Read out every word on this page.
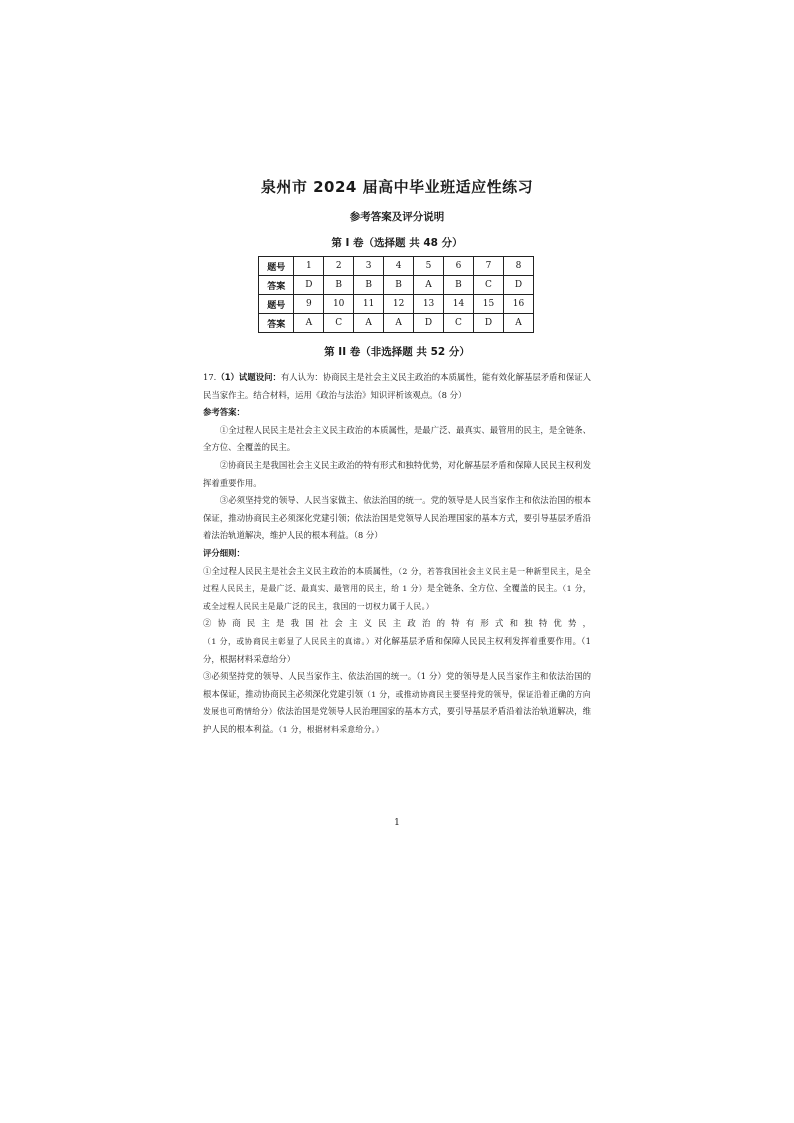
泉州市 2024 届高中毕业班适应性练习
参考答案及评分说明
第 I 卷（选择题 共 48 分）
题号	1	2	3	4	5	6	7	8
答案	D	B	B	B	A	B	C	D
题号	9	10	11	12	13	14	15	16
答案	A	C	A	A	D	C	D	A
第 II 卷（非选择题 共 52 分）

17.（1）试题设问：有人认为：协商民主是社会主义民主政治的本质属性，能有效化解基层矛盾和保证人民当家作主。结合材料，运用《政治与法治》知识评析该观点。（8 分）

参考答案：

①全过程人民民主是社会主义民主政治的本质属性，是最广泛、最真实、最管用的民主，是全链条、全方位、全覆盖的民主。

②协商民主是我国社会主义民主政治的特有形式和独特优势，对化解基层矛盾和保障人民民主权利发挥着重要作用。

③必须坚持党的领导、人民当家做主、依法治国的统一。党的领导是人民当家作主和依法治国的根本保证，推动协商民主必须深化党建引领；依法治国是党领导人民治理国家的基本方式，要引导基层矛盾沿着法治轨道解决，维护人民的根本利益。（8 分）

评分细则：

①全过程人民民主是社会主义民主政治的本质属性，（2 分，若答我国社会主义民主是一种新型民主，是全过程人民民主，是最广泛、最真实、最管用的民主，给 1 分）是全链条、全方位、全覆盖的民主。（1 分，或全过程人民民主是最广泛的民主，我国的一切权力属于人民。）

②协商民主是我国社会主义民主政治的特有形式和独特优势，（1 分，或协商民主彰显了人民民主的真谛。）对化解基层矛盾和保障人民民主权利发挥着重要作用。（1 分，根据材料采意给分）

③必须坚持党的领导、人民当家作主、依法治国的统一。（1 分）党的领导是人民当家作主和依法治国的根本保证，推动协商民主必须深化党建引领（1 分，或推动协商民主要坚持党的领导，保证沿着正确的方向发展也可酌情给分）依法治国是党领导人民治理国家的基本方式，要引导基层矛盾沿着法治轨道解决，维护人民的根本利益。（1 分，根据材料采意给分。）

1
